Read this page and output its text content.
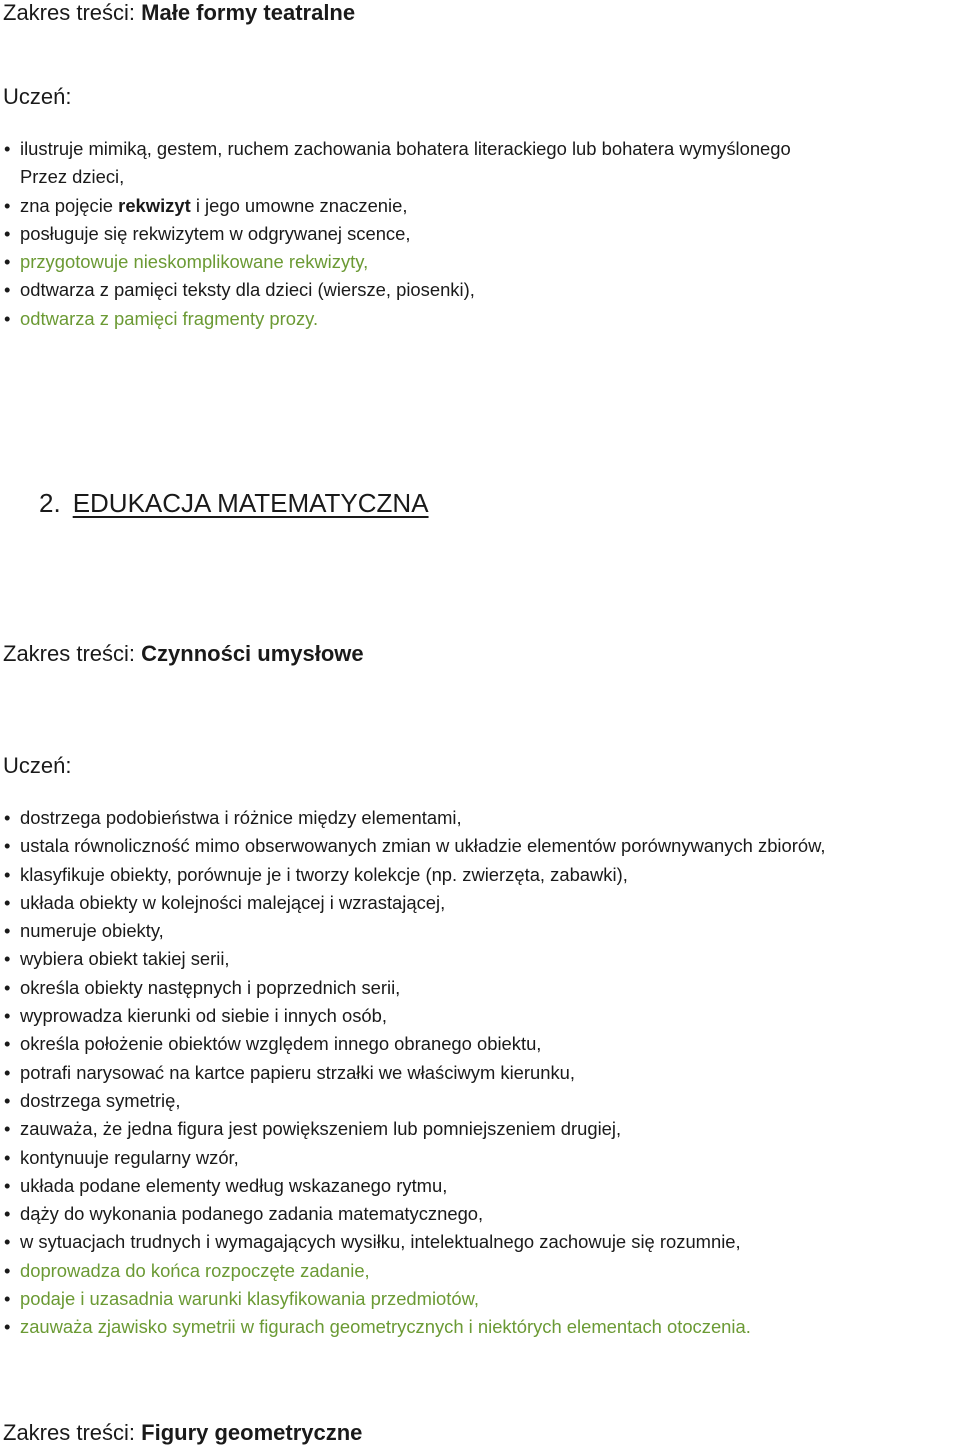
Zakres treści: Małe formy teatralne
Uczeń:
• ilustruje mimiką, gestem, ruchem zachowania bohatera literackiego lub bohatera wymyślonego
Przez dzieci,
• zna pojęcie rekwizyt i jego umowne znaczenie,
• posługuje się rekwizytem w odgrywanej scence,
• przygotowuje nieskomplikowane rekwizyty,
• odtwarza z pamięci teksty dla dzieci (wiersze, piosenki),
• odtwarza z pamięci fragmenty prozy.
2. EDUKACJA MATEMATYCZNA
Zakres treści: Czynności umysłowe
Uczeń:
• dostrzega podobieństwa i różnice między elementami,
• ustala równoliczność mimo obserwowanych zmian w układzie elementów porównywanych zbiorów,
• klasyfikuje obiekty, porównuje je i tworzy kolekcje (np. zwierzęta, zabawki),
• układa obiekty w kolejności malejącej i wzrastającej,
• numeruje obiekty,
• wybiera obiekt takiej serii,
• określa obiekty następnych i poprzednich serii,
• wyprowadza kierunki od siebie i innych osób,
• określa położenie obiektów względem innego obranego obiektu,
• potrafi narysować na kartce papieru strzałki we właściwym kierunku,
• dostrzega symetrię,
• zauważa, że jedna figura jest powiększeniem lub pomniejszeniem drugiej,
• kontynuuje regularny wzór,
• układa podane elementy według wskazanego rytmu,
• dąży do wykonania podanego zadania matematycznego,
• w sytuacjach trudnych i wymagających wysiłku, intelektualnego zachowuje się rozumnie,
• doprowadza do końca rozpoczęte zadanie,
• podaje i uzasadnia warunki klasyfikowania przedmiotów,
• zauważa zjawisko symetrii w figurach geometrycznych i niektórych elementach otoczenia.
Zakres treści: Figury geometryczne
